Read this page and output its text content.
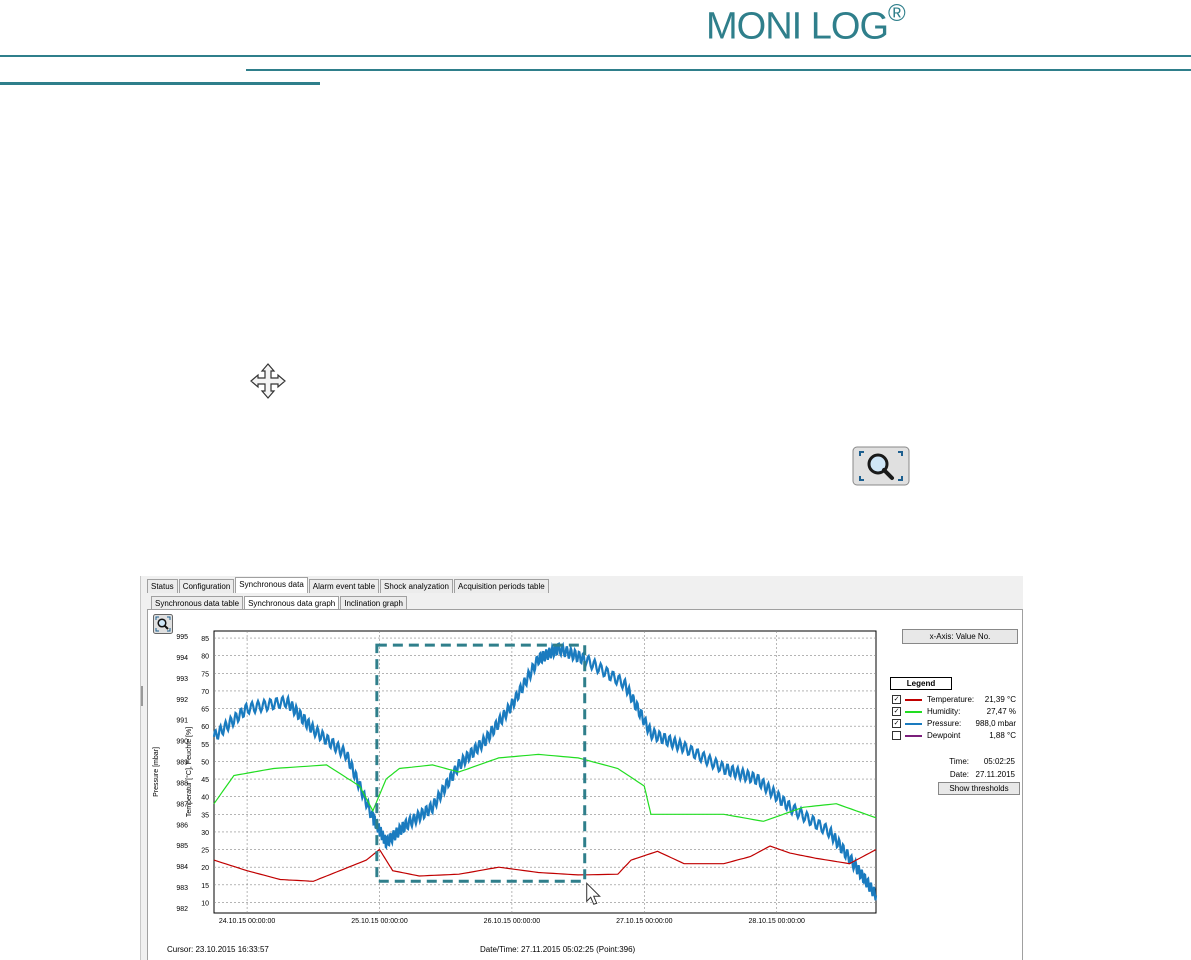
MONI LOG®
Status	Configuration	Synchronous data	Alarm event table	Shock analyzation	Acquisition periods table
Synchronous data table	Synchronous data graph	Inclination graph
85
80
75
70
65
60
55
50
45
40
35
30
25
20
15
10
995
994
993
992
991
990
989
988
987
986
985
984
983
982
24.10.15 00:00:00	25.10.15 00:00:00	26.10.15 00:00:00	27.10.15 00:00:00	28.10.15 00:00:00
Pressure [mbar]	Temperatur [°C], Feuchte [%]
x-Axis: Value No.
Legend
✓	Temperature: 21,39 °C
✓	Humidity:	27,47 %
✓	Pressure: 988,0 mbar
Dewpoint	1,88 °C
Time: 05:02:25
Date: 27.11.2015
Show thresholds
Cursor: 23.10.2015 16:33:57	Date/Time: 27.11.2015 05:02:25 (Point:396)
